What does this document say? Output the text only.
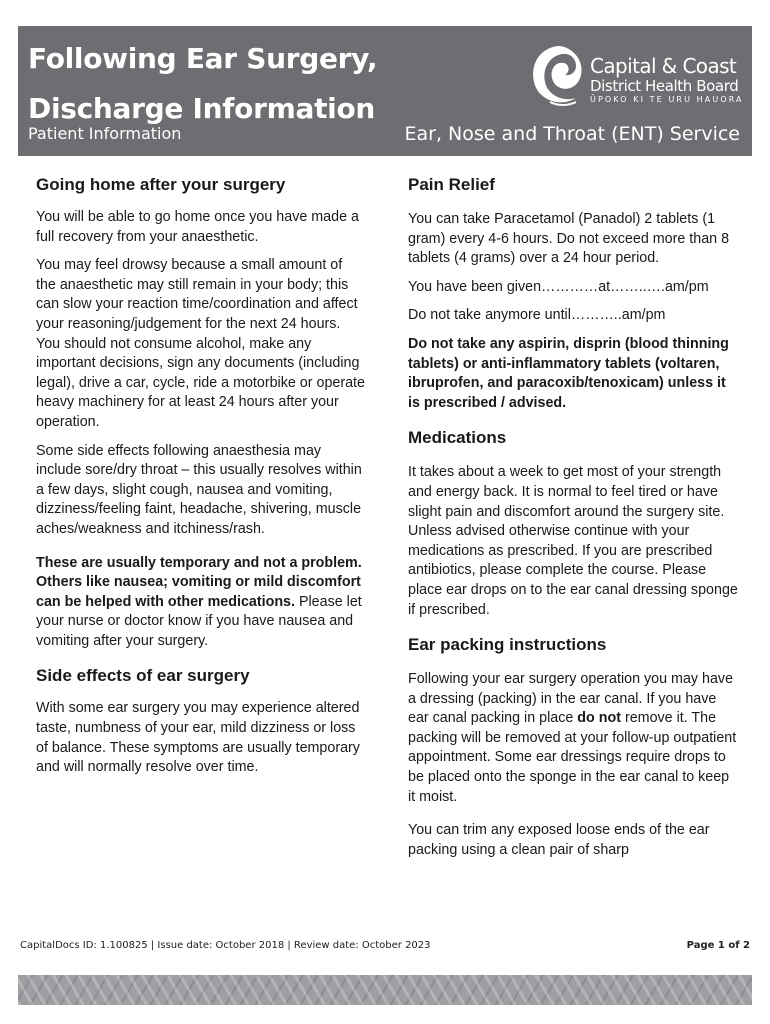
Following Ear Surgery,
Discharge Information
Patient Information	Ear, Nose and Throat (ENT) Service
Capital & Coast
District Health Board
ŪPOKO KI TE URU HAUORA
Going home after your surgery

You will be able to go home once you have made a full recovery from your anaesthetic.

You may feel drowsy because a small amount of the anaesthetic may still remain in your body; this can slow your reaction time/coordination and affect your reasoning/judgement for the next 24 hours. You should not consume alcohol, make any important decisions, sign any documents (including legal), drive a car, cycle, ride a motorbike or operate heavy machinery for at least 24 hours after your operation.

Some side effects following anaesthesia may include sore/dry throat – this usually resolves within a few days, slight cough, nausea and vomiting, dizziness/feeling faint, headache, shivering, muscle aches/weakness and itchiness/rash.

These are usually temporary and not a problem. Others like nausea; vomiting or mild discomfort can be helped with other medications. Please let your nurse or doctor know if you have nausea and vomiting after your surgery.

Side effects of ear surgery

With some ear surgery you may experience altered taste, numbness of your ear, mild dizziness or loss of balance. These symptoms are usually temporary and will normally resolve over time.

Pain Relief

You can take Paracetamol (Panadol) 2 tablets (1 gram) every 4-6 hours. Do not exceed more than 8 tablets (4 grams) over a 24 hour period.

You have been given…………at……..….am/pm

Do not take anymore until………..am/pm

Do not take any aspirin, disprin (blood thinning tablets) or anti-inflammatory tablets (voltaren, ibruprofen, and paracoxib/tenoxicam) unless it is prescribed / advised.

Medications

It takes about a week to get most of your strength and energy back. It is normal to feel tired or have slight pain and discomfort around the surgery site. Unless advised otherwise continue with your medications as prescribed. If you are prescribed antibiotics, please complete the course. Please place ear drops on to the ear canal dressing sponge if prescribed.

Ear packing instructions

Following your ear surgery operation you may have a dressing (packing) in the ear canal. If you have ear canal packing in place do not remove it. The packing will be removed at your follow-up outpatient appointment. Some ear dressings require drops to be placed onto the sponge in the ear canal to keep it moist.

You can trim any exposed loose ends of the ear packing using a clean pair of sharp

CapitalDocs ID: 1.100825 | Issue date: October 2018 | Review date: October 2023	Page 1 of 2
